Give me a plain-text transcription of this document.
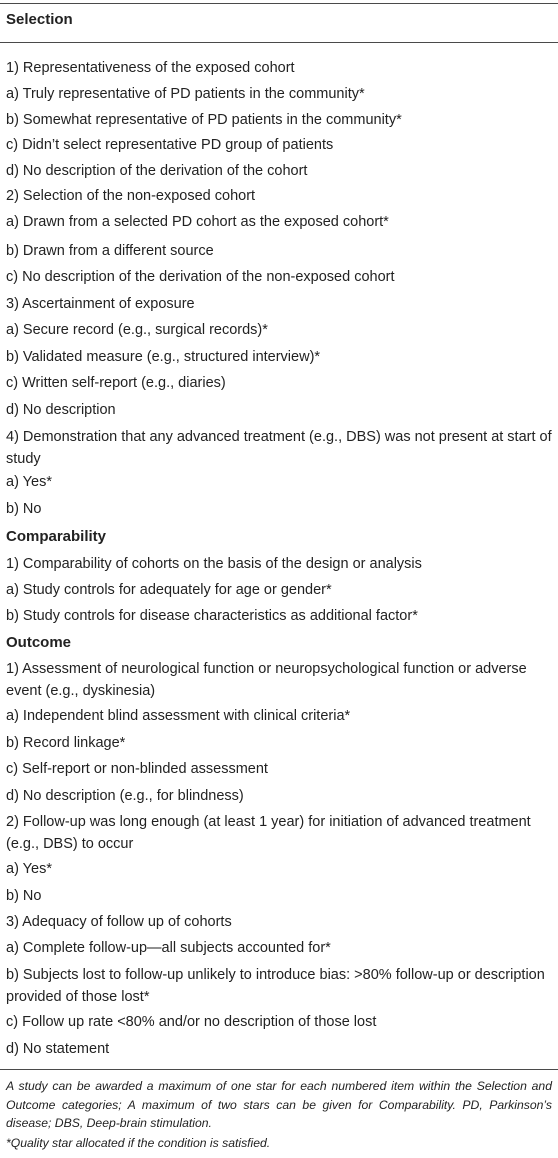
Selection
1) Representativeness of the exposed cohort
a) Truly representative of PD patients in the community*
b) Somewhat representative of PD patients in the community*
c) Didn’t select representative PD group of patients
d) No description of the derivation of the cohort
2) Selection of the non-exposed cohort
a) Drawn from a selected PD cohort as the exposed cohort*
b) Drawn from a different source
c) No description of the derivation of the non-exposed cohort
3) Ascertainment of exposure
a) Secure record (e.g., surgical records)*
b) Validated measure (e.g., structured interview)*
c) Written self-report (e.g., diaries)
d) No description
4) Demonstration that any advanced treatment (e.g., DBS) was not present at start of study
a) Yes*
b) No
Comparability
1) Comparability of cohorts on the basis of the design or analysis
a) Study controls for adequately for age or gender*
b) Study controls for disease characteristics as additional factor*
Outcome
1) Assessment of neurological function or neuropsychological function or adverse event (e.g., dyskinesia)
a) Independent blind assessment with clinical criteria*
b) Record linkage*
c) Self-report or non-blinded assessment
d) No description (e.g., for blindness)
2) Follow-up was long enough (at least 1 year) for initiation of advanced treatment (e.g., DBS) to occur
a) Yes*
b) No
3) Adequacy of follow up of cohorts
a) Complete follow-up—all subjects accounted for*
b) Subjects lost to follow-up unlikely to introduce bias: >80% follow-up or description provided of those lost*
c) Follow up rate <80% and/or no description of those lost
d) No statement
A study can be awarded a maximum of one star for each numbered item within the Selection and Outcome categories; A maximum of two stars can be given for Comparability. PD, Parkinson’s disease; DBS, Deep-brain stimulation.
*Quality star allocated if the condition is satisfied.
